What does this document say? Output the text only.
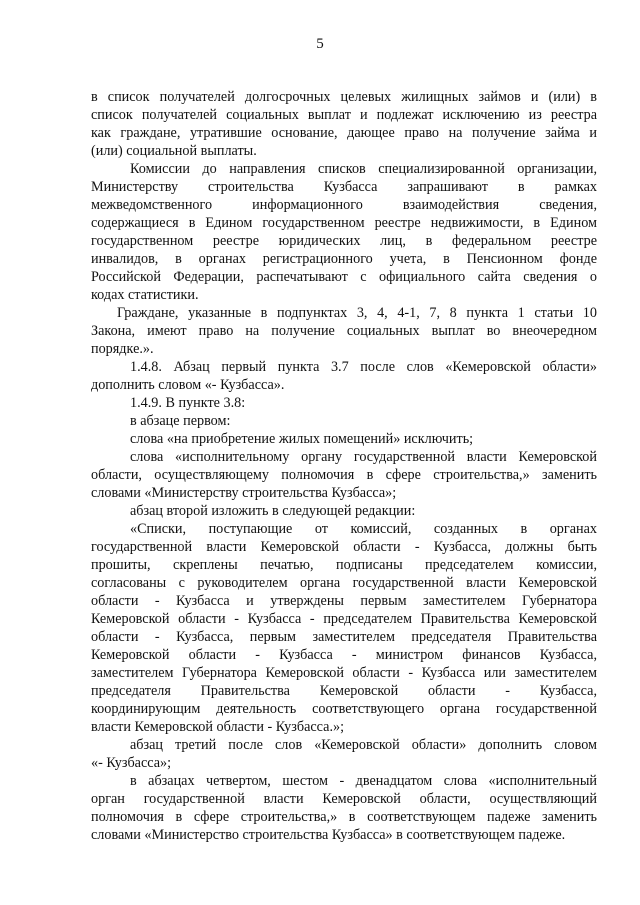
5
в список получателей долгосрочных целевых жилищных займов и (или) в
список получателей социальных выплат и подлежат исключению из реестра
как граждане, утратившие основание, дающее право на получение займа и
(или) социальной выплаты.
Комиссии до направления списков специализированной организации,
Министерству строительства Кузбасса запрашивают в рамках
межведомственного информационного взаимодействия сведения,
содержащиеся в Едином государственном реестре недвижимости, в Едином
государственном реестре юридических лиц, в федеральном реестре
инвалидов, в органах регистрационного учета, в Пенсионном фонде
Российской Федерации, распечатывают с официального сайта сведения о
кодах статистики.
Граждане, указанные в подпунктах 3, 4, 4-1, 7, 8 пункта 1 статьи 10
Закона, имеют право на получение социальных выплат во внеочередном
порядке.».
1.4.8. Абзац первый пункта 3.7 после слов «Кемеровской области»
дополнить словом «- Кузбасса».
1.4.9. В пункте 3.8:
в абзаце первом:
слова «на приобретение жилых помещений» исключить;
слова «исполнительному органу государственной власти Кемеровской
области, осуществляющему полномочия в сфере строительства,» заменить
словами «Министерству строительства Кузбасса»;
абзац второй изложить в следующей редакции:
«Списки, поступающие от комиссий, созданных в органах
государственной власти Кемеровской области - Кузбасса, должны быть
прошиты, скреплены печатью, подписаны председателем комиссии,
согласованы с руководителем органа государственной власти Кемеровской
области - Кузбасса и утверждены первым заместителем Губернатора
Кемеровской области - Кузбасса - председателем Правительства Кемеровской
области - Кузбасса, первым заместителем председателя Правительства
Кемеровской области - Кузбасса - министром финансов Кузбасса,
заместителем Губернатора Кемеровской области - Кузбасса или заместителем
председателя Правительства Кемеровской области - Кузбасса,
координирующим деятельность соответствующего органа государственной
власти Кемеровской области - Кузбасса.»;
абзац третий после слов «Кемеровской области» дополнить словом
«- Кузбасса»;
в абзацах четвертом, шестом - двенадцатом слова «исполнительный
орган государственной власти Кемеровской области, осуществляющий
полномочия в сфере строительства,» в соответствующем падеже заменить
словами «Министерство строительства Кузбасса» в соответствующем падеже.
